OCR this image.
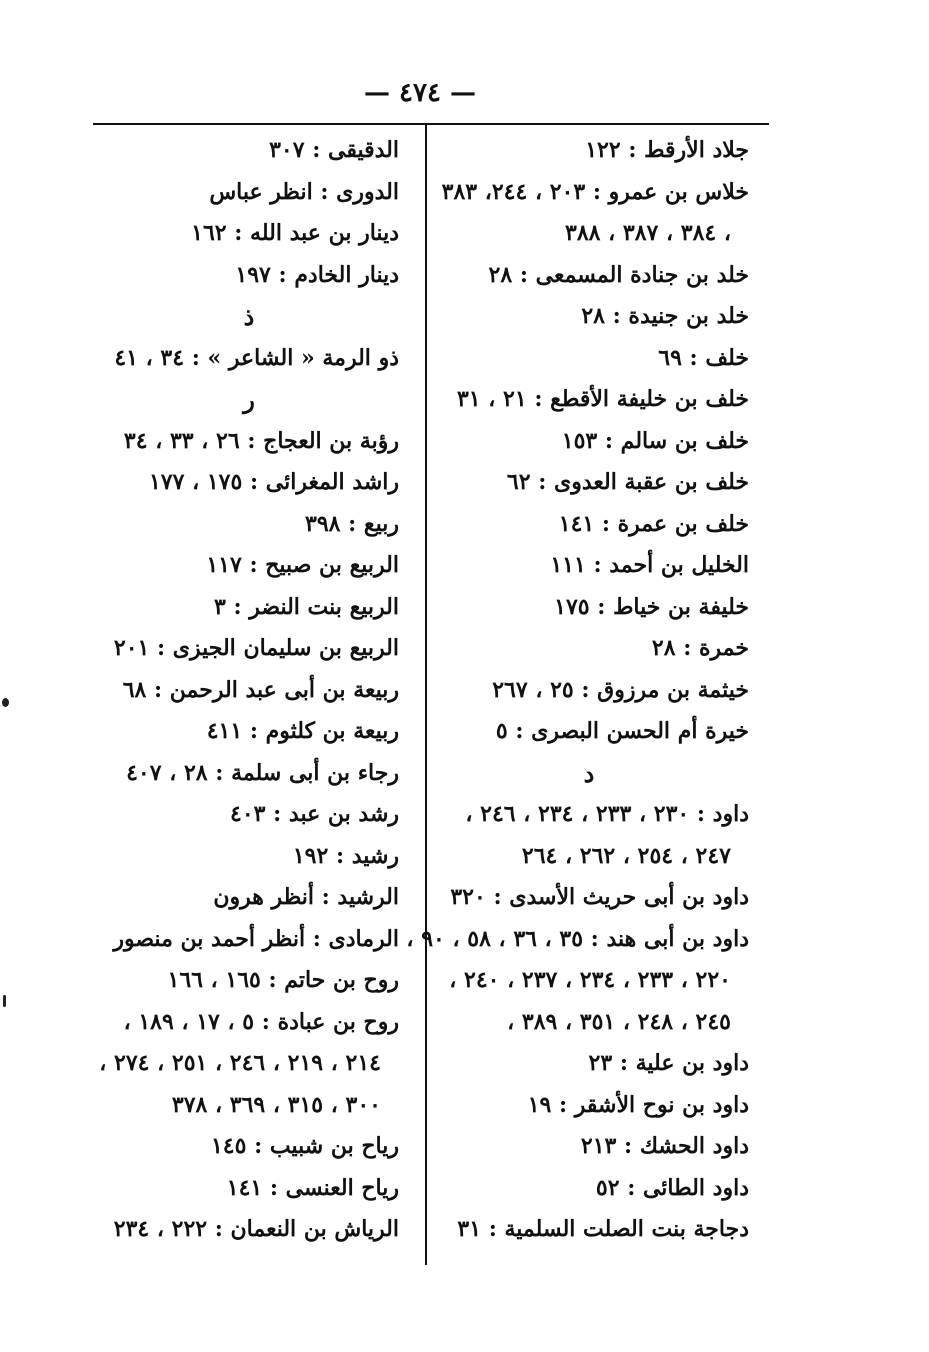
— ٤٧٤ —
جلاد الأرقط : ١٢٢
خلاس بن عمرو : ٢٠٣ ، ٢٤٤، ٣٨٣
، ٣٨٤ ، ٣٨٧ ، ٣٨٨
خلد بن جنادة المسمعى : ٢٨
خلد بن جنيدة : ٢٨
خلف : ٦٩
خلف بن خليفة الأقطع : ٢١ ، ٣١
خلف بن سالم : ١٥٣
خلف بن عقبة العدوى : ٦٢
خلف بن عمرة : ١٤١
الخليل بن أحمد : ١١١
خليفة بن خياط : ١٧٥
خمرة : ٢٨
خيثمة بن مرزوق : ٢٥ ، ٢٦٧
خيرة أم الحسن البصرى : ٥
د
داود : ٢٣٠ ، ٢٣٣ ، ٢٣٤ ، ٢٤٦ ،
٢٤٧ ، ٢٥٤ ، ٢٦٢ ، ٢٦٤
داود بن أبى حريث الأسدى : ٣٢٠
داود بن أبى هند : ٣٥ ، ٣٦ ، ٥٨ ، ٩٠ ،
٢٢٠ ، ٢٣٣ ، ٢٣٤ ، ٢٣٧ ، ٢٤٠ ،
٢٤٥ ، ٢٤٨ ، ٣٥١ ، ٣٨٩ ،
داود بن علية : ٢٣
داود بن نوح الأشقر : ١٩
داود الحشك : ٢١٣
داود الطائى : ٥٢
دجاجة بنت الصلت السلمية : ٣١
الدقيقى : ٣٠٧
الدورى : انظر عباس
دينار بن عبد الله : ١٦٢
دينار الخادم : ١٩٧
ذ
ذو الرمة « الشاعر » : ٣٤ ، ٤١
ر
رؤبة بن العجاج : ٢٦ ، ٣٣ ، ٣٤
راشد المغرائى : ١٧٥ ، ١٧٧
ربيع : ٣٩٨
الربيع بن صبيح : ١١٧
الربيع بنت النضر : ٣
الربيع بن سليمان الجيزى : ٢٠١
ربيعة بن أبى عبد الرحمن : ٦٨
ربيعة بن كلثوم : ٤١١
رجاء بن أبى سلمة : ٢٨ ، ٤٠٧
رشد بن عبد : ٤٠٣
رشيد : ١٩٢
الرشيد : أنظر هرون
الرمادى : أنظر أحمد بن منصور
روح بن حاتم : ١٦٥ ، ١٦٦
روح بن عبادة : ٥ ، ١٧ ، ١٨٩ ،
٢١٤ ، ٢١٩ ، ٢٤٦ ، ٢٥١ ، ٢٧٤ ،
٣٠٠ ، ٣١٥ ، ٣٦٩ ، ٣٧٨
رياح بن شبيب : ١٤٥
رياح العنسى : ١٤١
الرياش بن النعمان : ٢٢٢ ، ٢٣٤
